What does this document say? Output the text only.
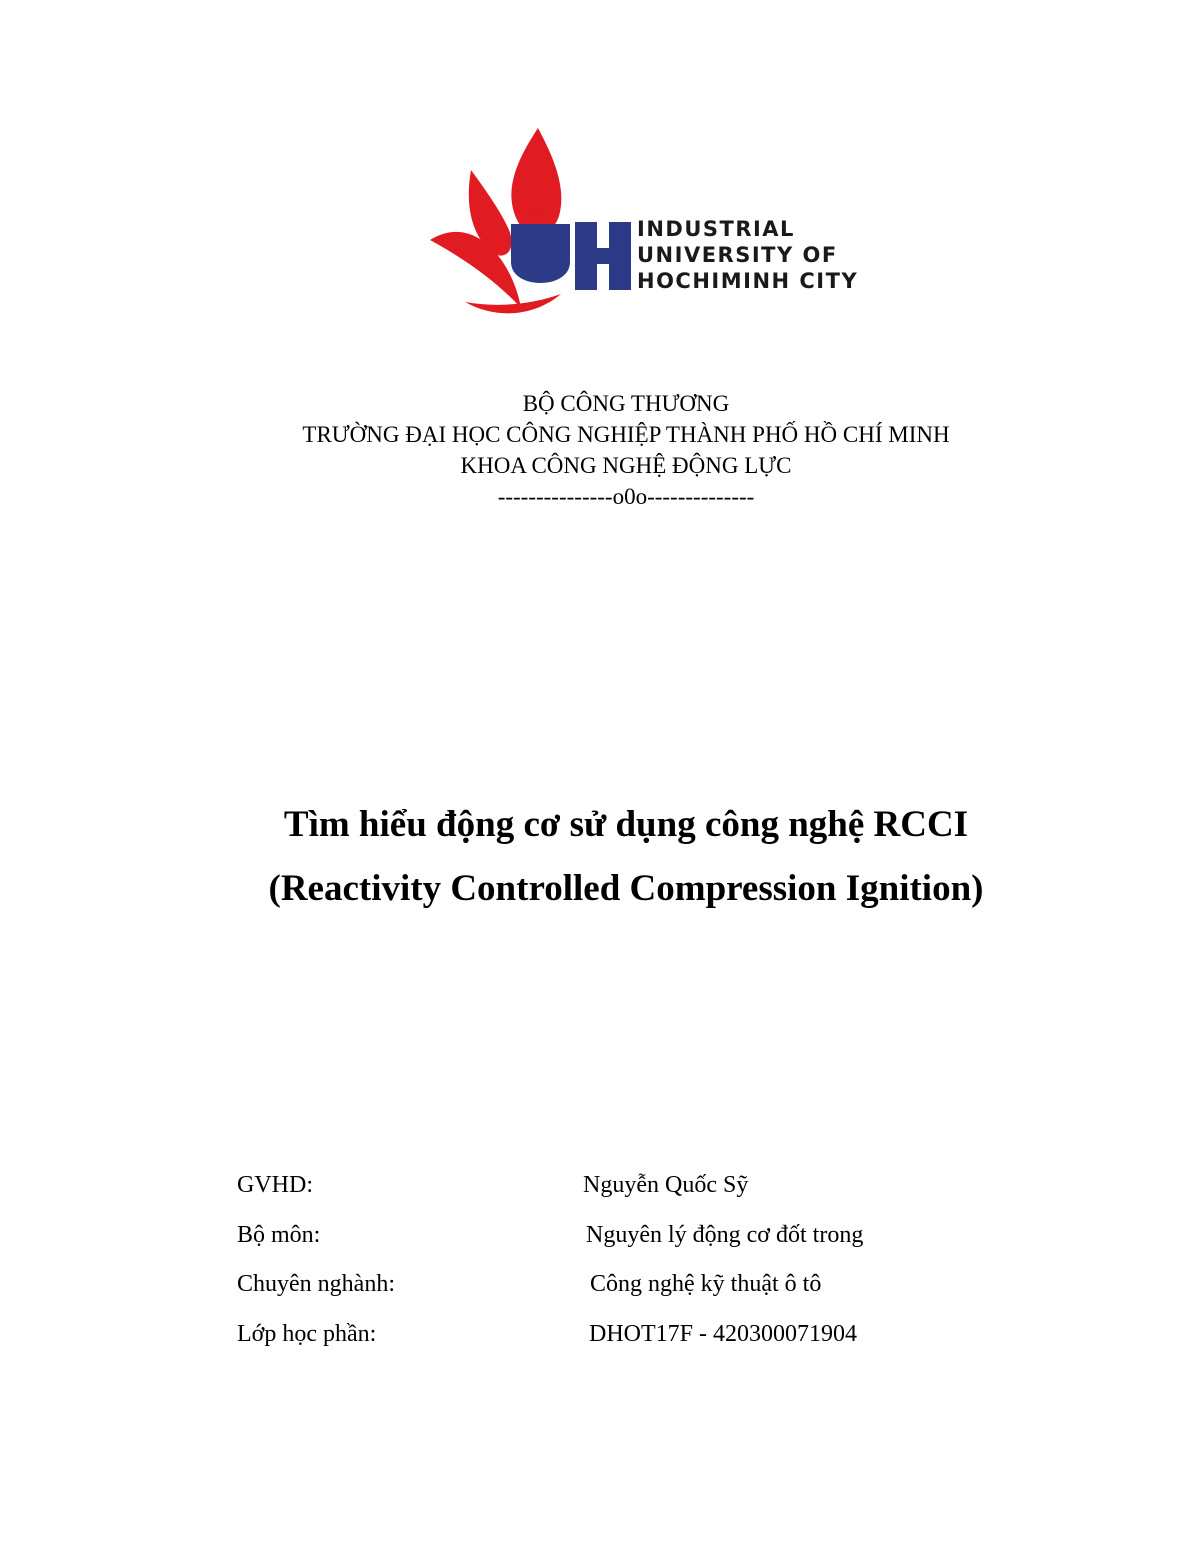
INDUSTRIAL
UNIVERSITY OF
HOCHIMINH CITY
BỘ CÔNG THƯƠNG
TRƯỜNG ĐẠI HỌC CÔNG NGHIỆP THÀNH PHỐ HỒ CHÍ MINH
KHOA CÔNG NGHỆ ĐỘNG LỰC
---------------o0o--------------
Tìm hiểu động cơ sử dụng công nghệ RCCI
(Reactivity Controlled Compression Ignition)
GVHD:	Nguyễn Quốc Sỹ
Bộ môn:	Nguyên lý động cơ đốt trong
Chuyên nghành:	Công nghệ kỹ thuật ô tô
Lớp học phần:	DHOT17F - 420300071904
